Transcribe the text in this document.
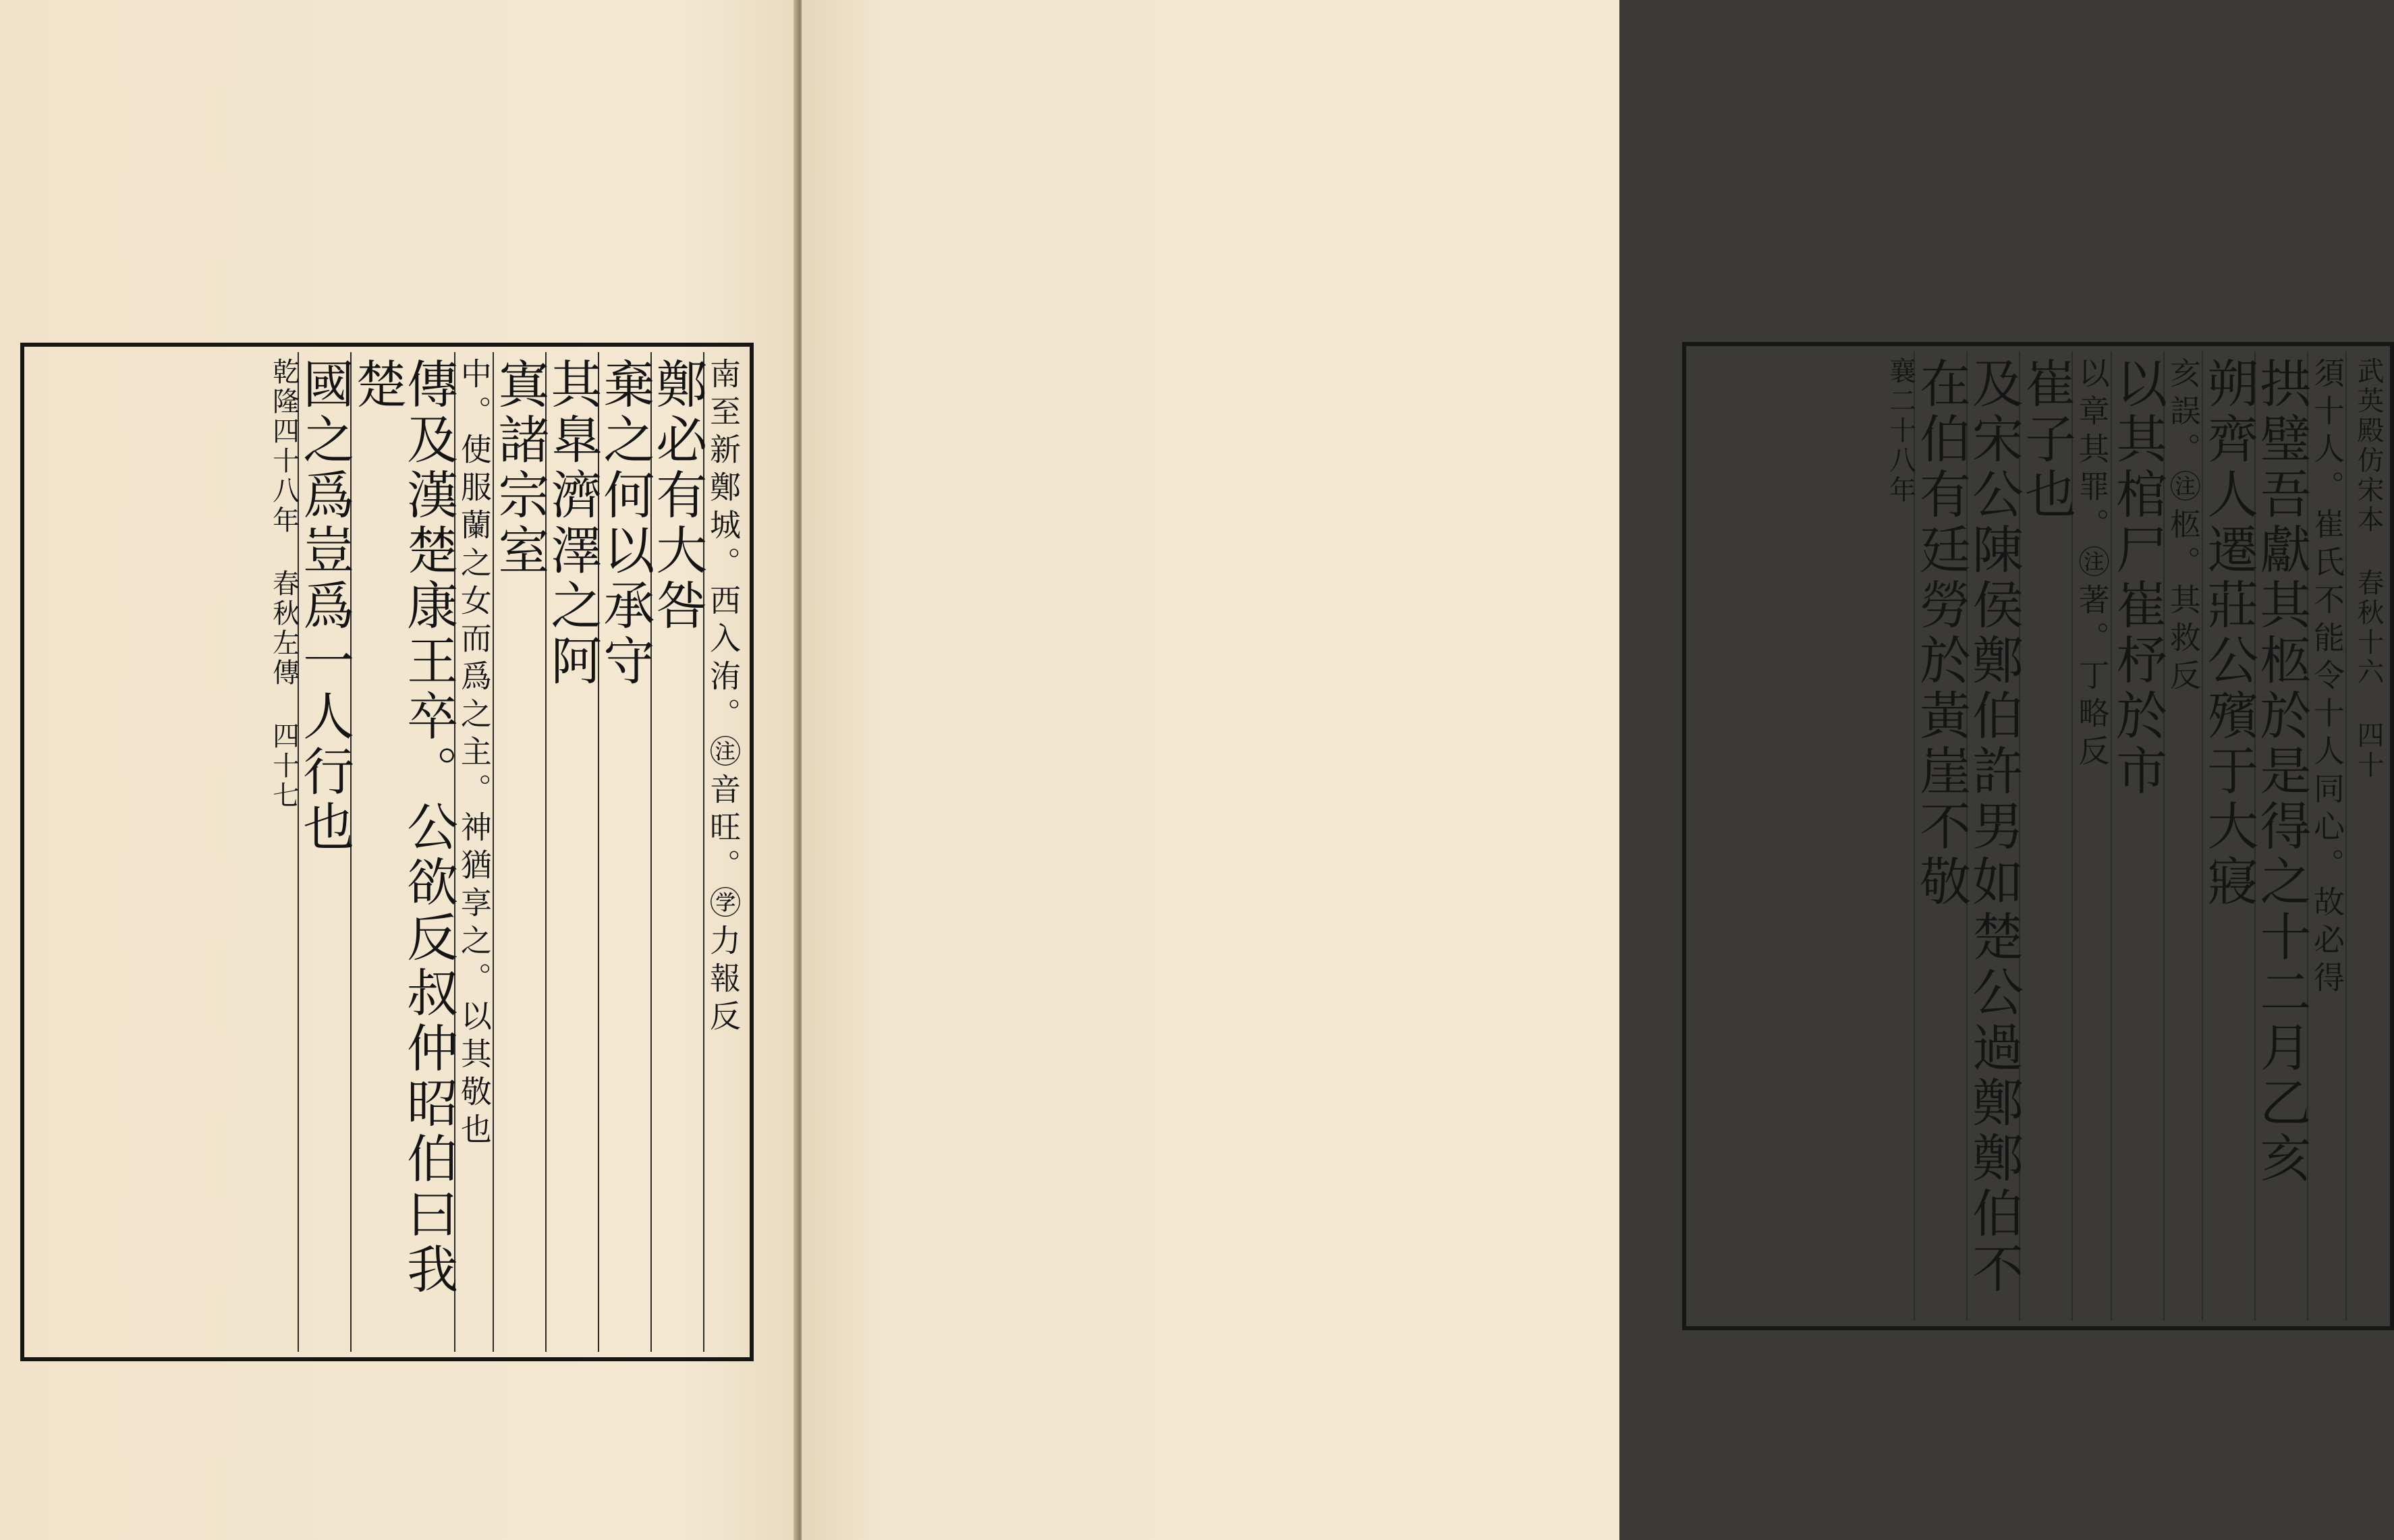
南至新鄭城。西入洧。㊟音旺。㊫力報反
鄭必有大咎
棄之何以承守
其臯濟澤之阿
寘諸宗室
中。使服蘭之女而爲之主。神猶享之。以其敬也
傳及漢楚康王卒。公欲反叔仲昭伯曰我楚
國之爲豈爲一人行也
乾隆四十八年 春秋左傳 四十七
武英殿仿宋本 春秋十六 四十
須十人。崔氏不能令十人同心。故必得
拱璧吾獻其柩於是得之十二月乙亥
朔齊人遷莊公殯于大寢
亥誤。㊟柩。其救反
以其棺尸崔杼於市
以章其罪。㊟著。丁略反
崔子也
及宋公陳侯鄭伯許男如楚公過鄭鄭伯不
在伯有廷勞於黃崖不敬
襄二十八年
